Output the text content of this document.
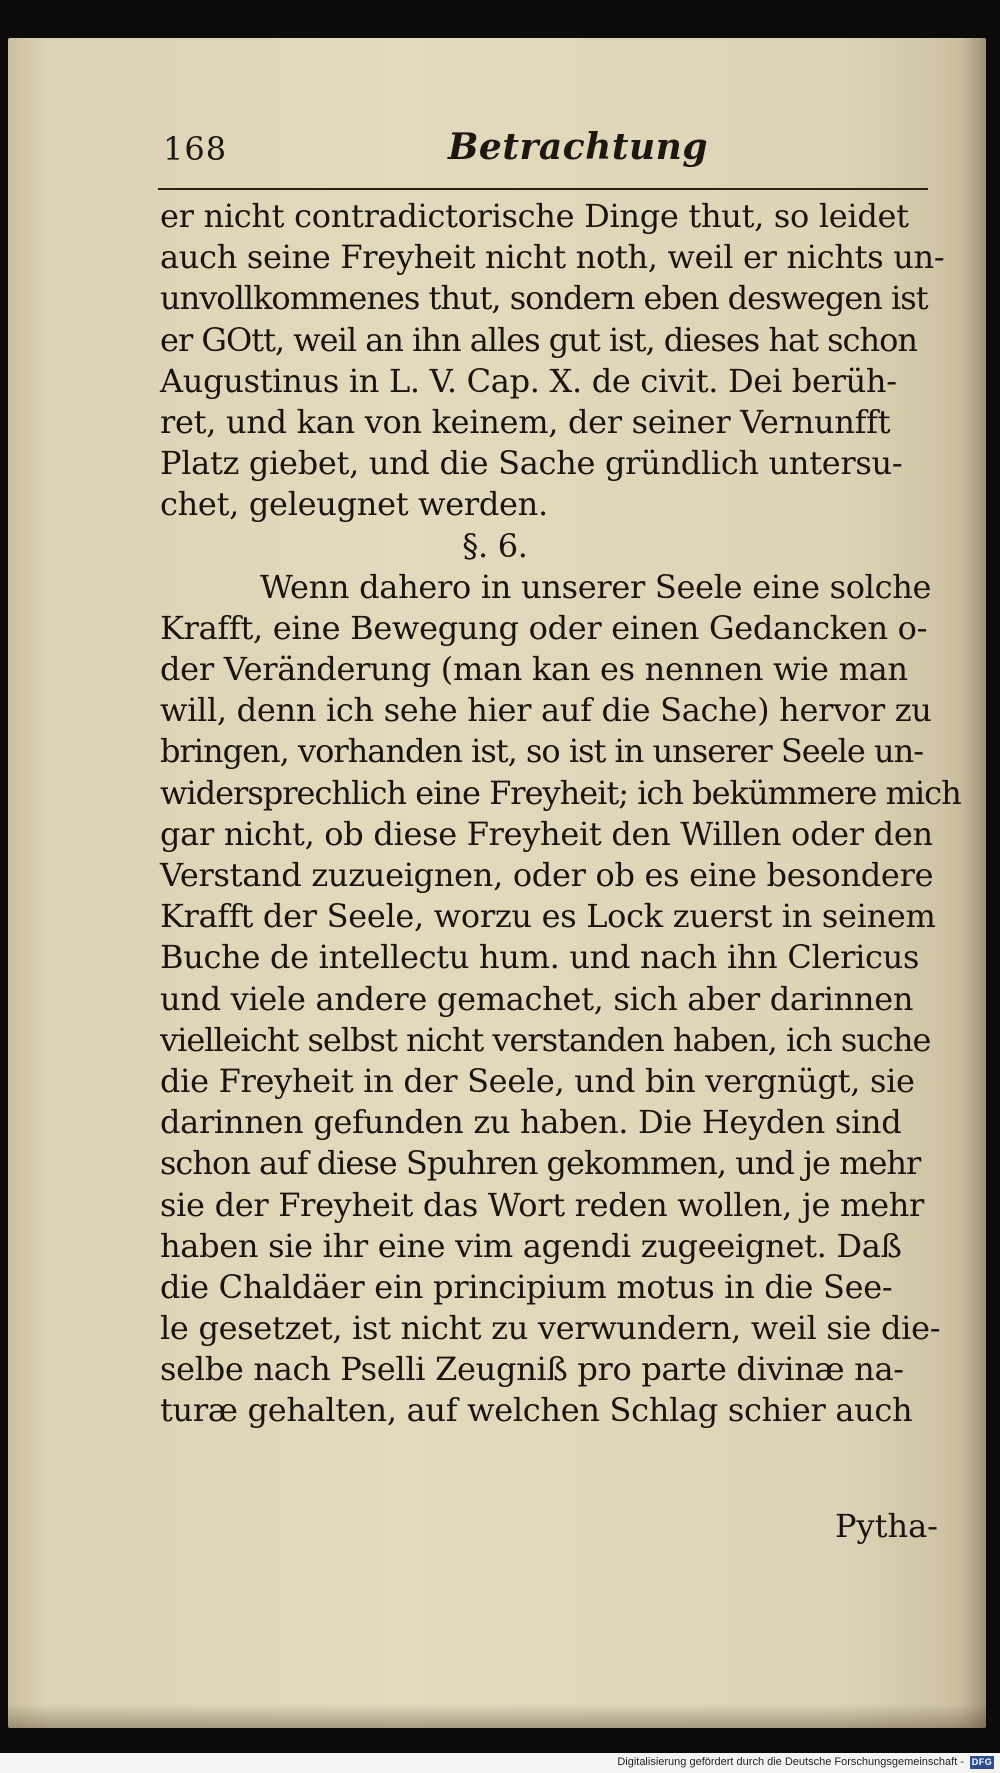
168	Betrachtung
er nicht contradictorische Dinge thut, so leidet
auch seine Freyheit nicht noth, weil er nichts un-
unvollkommenes thut, sondern eben deswegen ist
er GOtt, weil an ihn alles gut ist, dieses hat schon
Augustinus in L. V. Cap. X. de civit. Dei berüh-
ret, und kan von keinem, der seiner Vernunfft
Platz giebet, und die Sache gründlich untersu-
chet, geleugnet werden.
§. 6.
Wenn dahero in unserer Seele eine solche
Krafft, eine Bewegung oder einen Gedancken o-
der Veränderung (man kan es nennen wie man
will, denn ich sehe hier auf die Sache) hervor zu
bringen, vorhanden ist, so ist in unserer Seele un-
widersprechlich eine Freyheit; ich bekümmere mich
gar nicht, ob diese Freyheit den Willen oder den
Verstand zuzueignen, oder ob es eine besondere
Krafft der Seele, worzu es Lock zuerst in seinem
Buche de intellectu hum. und nach ihn Clericus
und viele andere gemachet, sich aber darinnen
vielleicht selbst nicht verstanden haben, ich suche
die Freyheit in der Seele, und bin vergnügt, sie
darinnen gefunden zu haben. Die Heyden sind
schon auf diese Spuhren gekommen, und je mehr
sie der Freyheit das Wort reden wollen, je mehr
haben sie ihr eine vim agendi zugeeignet. Daß
die Chaldäer ein principium motus in die See-
le gesetzet, ist nicht zu verwundern, weil sie die-
selbe nach Pselli Zeugniß pro parte divinæ na-
turæ gehalten, auf welchen Schlag schier auch
Pytha-
Digitalisierung gefördert durch die Deutsche Forschungsgemeinschaft - DFG
